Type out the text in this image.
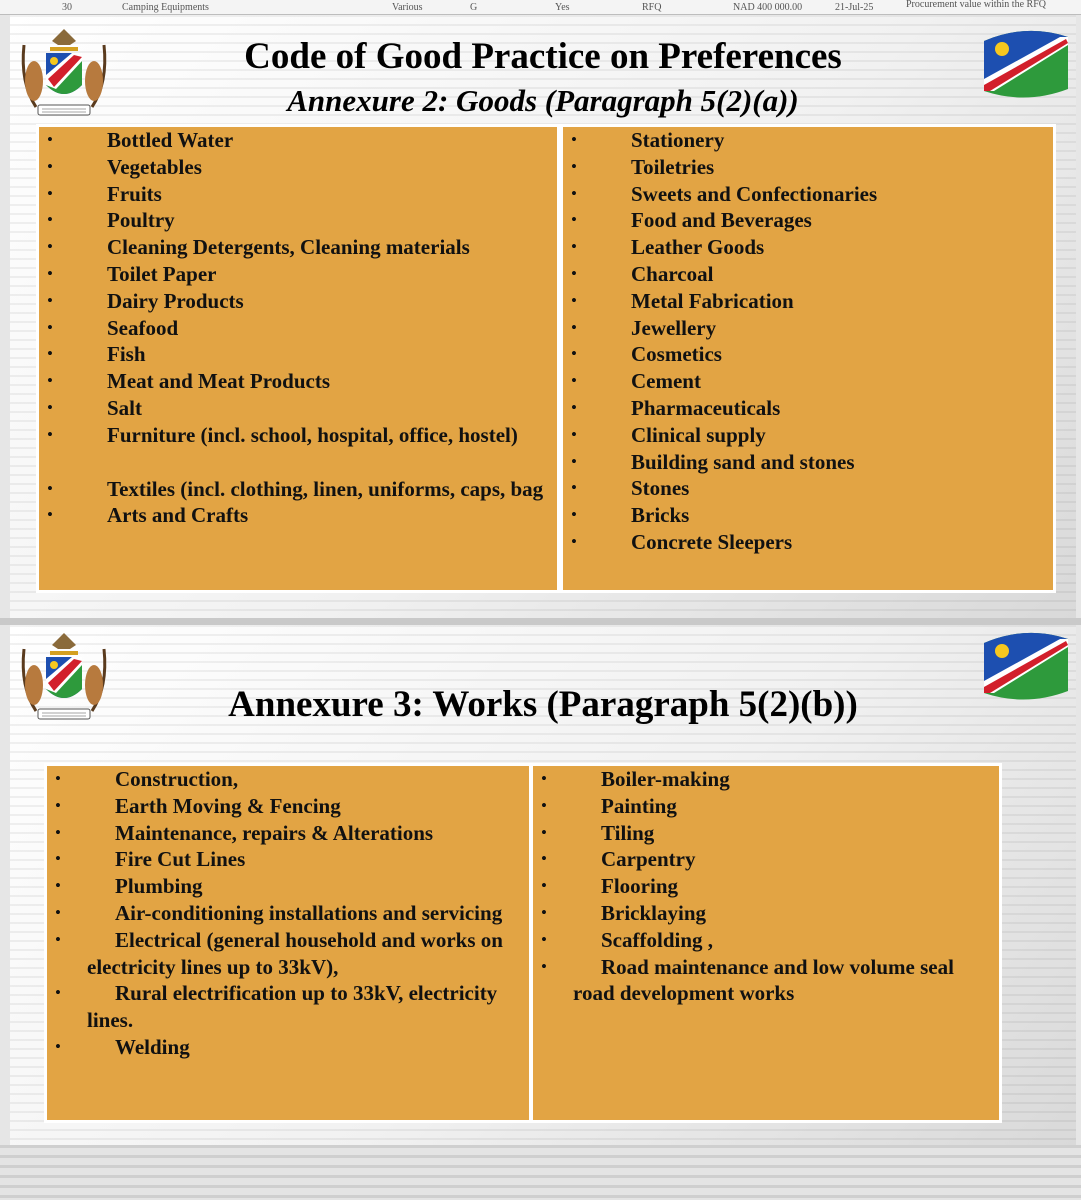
30	Camping Equipments	Various	G	Yes	RFQ	NAD 400 000.00	21-Jul-25	Procurement value within the RFQ
Code of Good Practice on Preferences
Annexure 2: Goods (Paragraph 5(2)(a))
• Bottled Water
• Vegetables
• Fruits
• Poultry
• Cleaning Detergents, Cleaning materials
• Toilet Paper
• Dairy Products
• Seafood
• Fish
• Meat and Meat Products
• Salt
• Furniture (incl. school, hospital, office, hostel)
• Textiles (incl. clothing, linen, uniforms, caps, bag
• Arts and Crafts
• Stationery
• Toiletries
• Sweets and Confectionaries
• Food and Beverages
• Leather Goods
• Charcoal
• Metal Fabrication
• Jewellery
• Cosmetics
• Cement
• Pharmaceuticals
• Clinical supply
• Building sand and stones
• Stones
• Bricks
• Concrete Sleepers
Annexure 3: Works (Paragraph 5(2)(b))
• Construction,
• Earth Moving & Fencing
• Maintenance, repairs & Alterations
• Fire Cut Lines
• Plumbing
• Air-conditioning installations and servicing
• Electrical (general household and works on electricity lines up to 33kV),
• Rural electrification up to 33kV, electricity lines.
• Welding
• Boiler-making
• Painting
• Tiling
• Carpentry
• Flooring
• Bricklaying
• Scaffolding ,
• Road maintenance and low volume seal road development works
